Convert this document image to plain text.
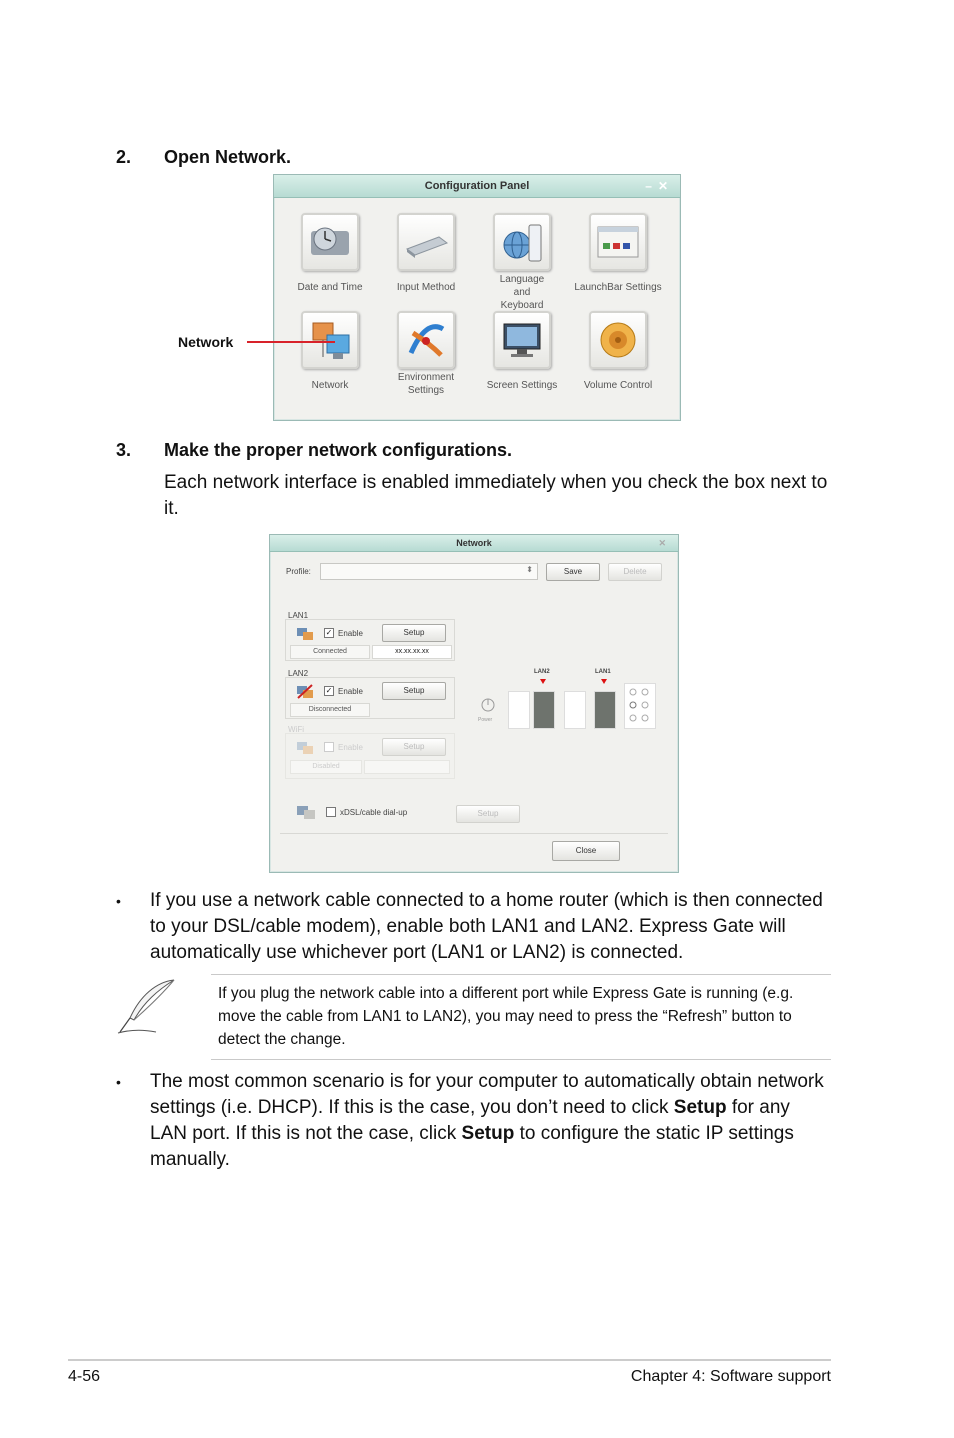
2. Open Network.
Configuration Panel	–✕
Date and Time	Input Method
Language and Keyboard
LaunchBar Settings
Network
Environment Settings	Screen Settings	Volume Control
Network
3. Make the proper network configurations.
Each network interface is enabled immediately when you check the box next to it.
Network	✕
Profile:	⬍	Save	Delete
LAN1
✓ Enable	Setup
Connected	xx.xx.xx.xx
LAN2
✓ Enable	Setup
Disconnected
WiFi
Enable	Setup
Disabled
xDSL/cable dial-up	Setup
Power
LAN2	LAN1
Close
• If you use a network cable connected to a home router (which is then connected to your DSL/cable modem), enable both LAN1 and LAN2. Express Gate will automatically use whichever port (LAN1 or LAN2) is connected.
If you plug the network cable into a different port while Express Gate is running (e.g. move the cable from LAN1 to LAN2), you may need to press the “Refresh” button to detect the change.
• The most common scenario is for your computer to automatically obtain network settings (i.e. DHCP). If this is the case, you don’t need to click Setup for any LAN port. If this is not the case, click Setup to configure the static IP settings manually.
4-56	Chapter 4: Software support
